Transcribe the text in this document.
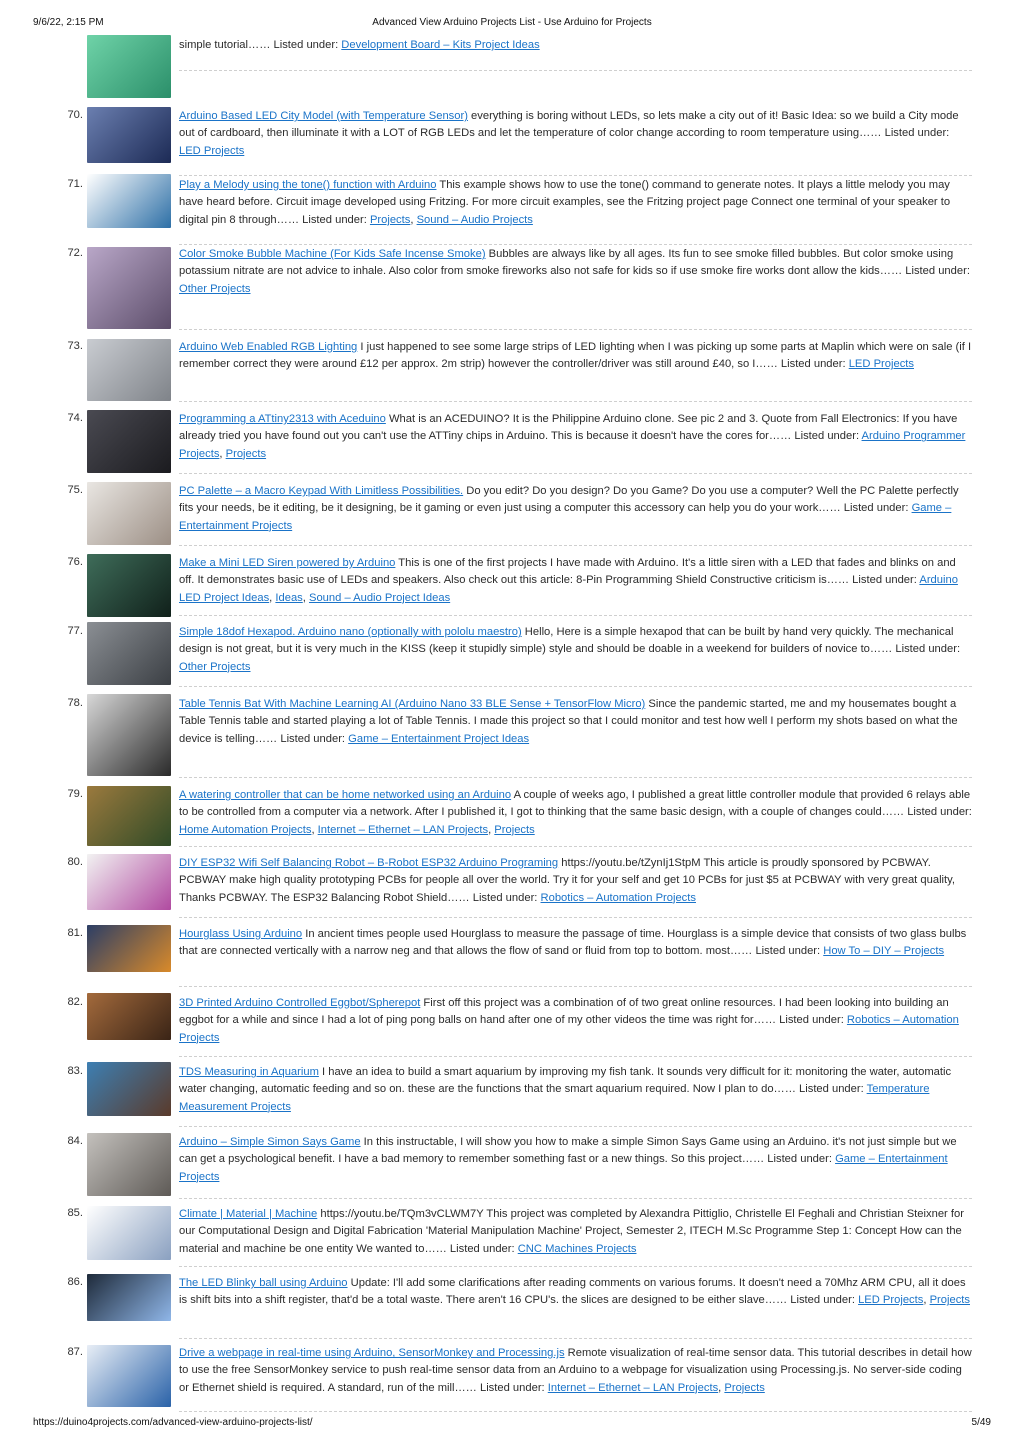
9/6/22, 2:15 PM	Advanced View Arduino Projects List - Use Arduino for Projects
simple tutorial…… Listed under: Development Board – Kits Project Ideas
70.	Arduino Based LED City Model (with Temperature Sensor) everything is boring without LEDs, so lets make a city out of it! Basic Idea: so we build a City mode out of cardboard, then illuminate it with a LOT of RGB LEDs and let the temperature of color change according to room temperature using…… Listed under: LED Projects
71.	Play a Melody using the tone() function with Arduino This example shows how to use the tone() command to generate notes. It plays a little melody you may have heard before. Circuit image developed using Fritzing. For more circuit examples, see the Fritzing project page Connect one terminal of your speaker to digital pin 8 through…… Listed under: Projects, Sound – Audio Projects
72.	Color Smoke Bubble Machine (For Kids Safe Incense Smoke) Bubbles are always like by all ages. Its fun to see smoke filled bubbles. But color smoke using potassium nitrate are not advice to inhale. Also color from smoke fireworks also not safe for kids so if use smoke fire works dont allow the kids…… Listed under: Other Projects
73.	Arduino Web Enabled RGB Lighting I just happened to see some large strips of LED lighting when I was picking up some parts at Maplin which were on sale (if I remember correct they were around £12 per approx. 2m strip) however the controller/driver was still around £40, so I…… Listed under: LED Projects
74.	Programming a ATtiny2313 with Aceduino What is an ACEDUINO? It is the Philippine Arduino clone. See pic 2 and 3. Quote from Fall Electronics: If you have already tried you have found out you can't use the ATTiny chips in Arduino. This is because it doesn't have the cores for…… Listed under: Arduino Programmer Projects, Projects
75.	PC Palette – a Macro Keypad With Limitless Possibilities. Do you edit? Do you design? Do you Game? Do you use a computer? Well the PC Palette perfectly fits your needs, be it editing, be it designing, be it gaming or even just using a computer this accessory can help you do your work…… Listed under: Game – Entertainment Projects
76.	Make a Mini LED Siren powered by Arduino This is one of the first projects I have made with Arduino. It's a little siren with a LED that fades and blinks on and off. It demonstrates basic use of LEDs and speakers. Also check out this article: 8-Pin Programming Shield Constructive criticism is…… Listed under: Arduino LED Project Ideas, Ideas, Sound – Audio Project Ideas
77.	Simple 18dof Hexapod. Arduino nano (optionally with pololu maestro) Hello, Here is a simple hexapod that can be built by hand very quickly. The mechanical design is not great, but it is very much in the KISS (keep it stupidly simple) style and should be doable in a weekend for builders of novice to…… Listed under: Other Projects
78.	Table Tennis Bat With Machine Learning AI (Arduino Nano 33 BLE Sense + TensorFlow Micro) Since the pandemic started, me and my housemates bought a Table Tennis table and started playing a lot of Table Tennis. I made this project so that I could monitor and test how well I perform my shots based on what the device is telling…… Listed under: Game – Entertainment Project Ideas
79.	A watering controller that can be home networked using an Arduino A couple of weeks ago, I published a great little controller module that provided 6 relays able to be controlled from a computer via a network. After I published it, I got to thinking that the same basic design, with a couple of changes could…… Listed under: Home Automation Projects, Internet – Ethernet – LAN Projects, Projects
80.	DIY ESP32 Wifi Self Balancing Robot – B-Robot ESP32 Arduino Programing https://youtu.be/tZynIj1StpM This article is proudly sponsored by PCBWAY. PCBWAY make high quality prototyping PCBs for people all over the world. Try it for your self and get 10 PCBs for just $5 at PCBWAY with very great quality, Thanks PCBWAY. The ESP32 Balancing Robot Shield…… Listed under: Robotics – Automation Projects
81.	Hourglass Using Arduino In ancient times people used Hourglass to measure the passage of time. Hourglass is a simple device that consists of two glass bulbs that are connected vertically with a narrow neg and that allows the flow of sand or fluid from top to bottom. most…… Listed under: How To – DIY – Projects
82.	3D Printed Arduino Controlled Eggbot/Spherepot First off this project was a combination of of two great online resources. I had been looking into building an eggbot for a while and since I had a lot of ping pong balls on hand after one of my other videos the time was right for…… Listed under: Robotics – Automation Projects
83.	TDS Measuring in Aquarium I have an idea to build a smart aquarium by improving my fish tank. It sounds very difficult for it: monitoring the water, automatic water changing, automatic feeding and so on. these are the functions that the smart aquarium required. Now I plan to do…… Listed under: Temperature Measurement Projects
84.	Arduino – Simple Simon Says Game In this instructable, I will show you how to make a simple Simon Says Game using an Arduino. it's not just simple but we can get a psychological benefit. I have a bad memory to remember something fast or a new things. So this project…… Listed under: Game – Entertainment Projects
85.	Climate | Material | Machine https://youtu.be/TQm3vCLWM7Y This project was completed by Alexandra Pittiglio, Christelle El Feghali and Christian Steixner for our Computational Design and Digital Fabrication 'Material Manipulation Machine' Project, Semester 2, ITECH M.Sc Programme Step 1: Concept How can the material and machine be one entity We wanted to…… Listed under: CNC Machines Projects
86.	The LED Blinky ball using Arduino Update: I'll add some clarifications after reading comments on various forums. It doesn't need a 70Mhz ARM CPU, all it does is shift bits into a shift register, that'd be a total waste. There aren't 16 CPU's. the slices are designed to be either slave…… Listed under: LED Projects, Projects
87.	Drive a webpage in real-time using Arduino, SensorMonkey and Processing.js Remote visualization of real-time sensor data. This tutorial describes in detail how to use the free SensorMonkey service to push real-time sensor data from an Arduino to a webpage for visualization using Processing.js. No server-side coding or Ethernet shield is required. A standard, run of the mill…… Listed under: Internet – Ethernet – LAN Projects, Projects
https://duino4projects.com/advanced-view-arduino-projects-list/	5/49
